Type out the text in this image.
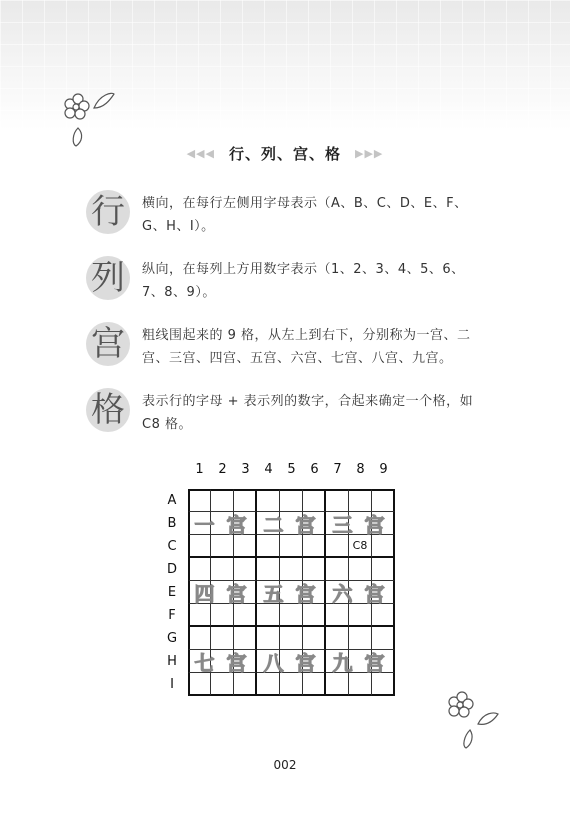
◀◀◀ 行、列、宫、格 ▶▶▶
行	横向，在每行左侧用字母表示（A、B、C、D、E、F、G、H、I）。
列	纵向，在每列上方用数字表示（1、2、3、4、5、6、7、8、9）。
宫	粗线围起来的 9 格，从左上到右下，分别称为一宫、二宫、三宫、四宫、五宫、六宫、七宫、八宫、九宫。
格	表示行的字母 + 表示列的数字，合起来确定一个格，如 C8 格。
1	2	3	4	5	6	7	8	9
A
B
C
D
E
F
G
H
I
C8
一宫 二宫 三宫
四宫 五宫 六宫
七宫 八宫 九宫
002
